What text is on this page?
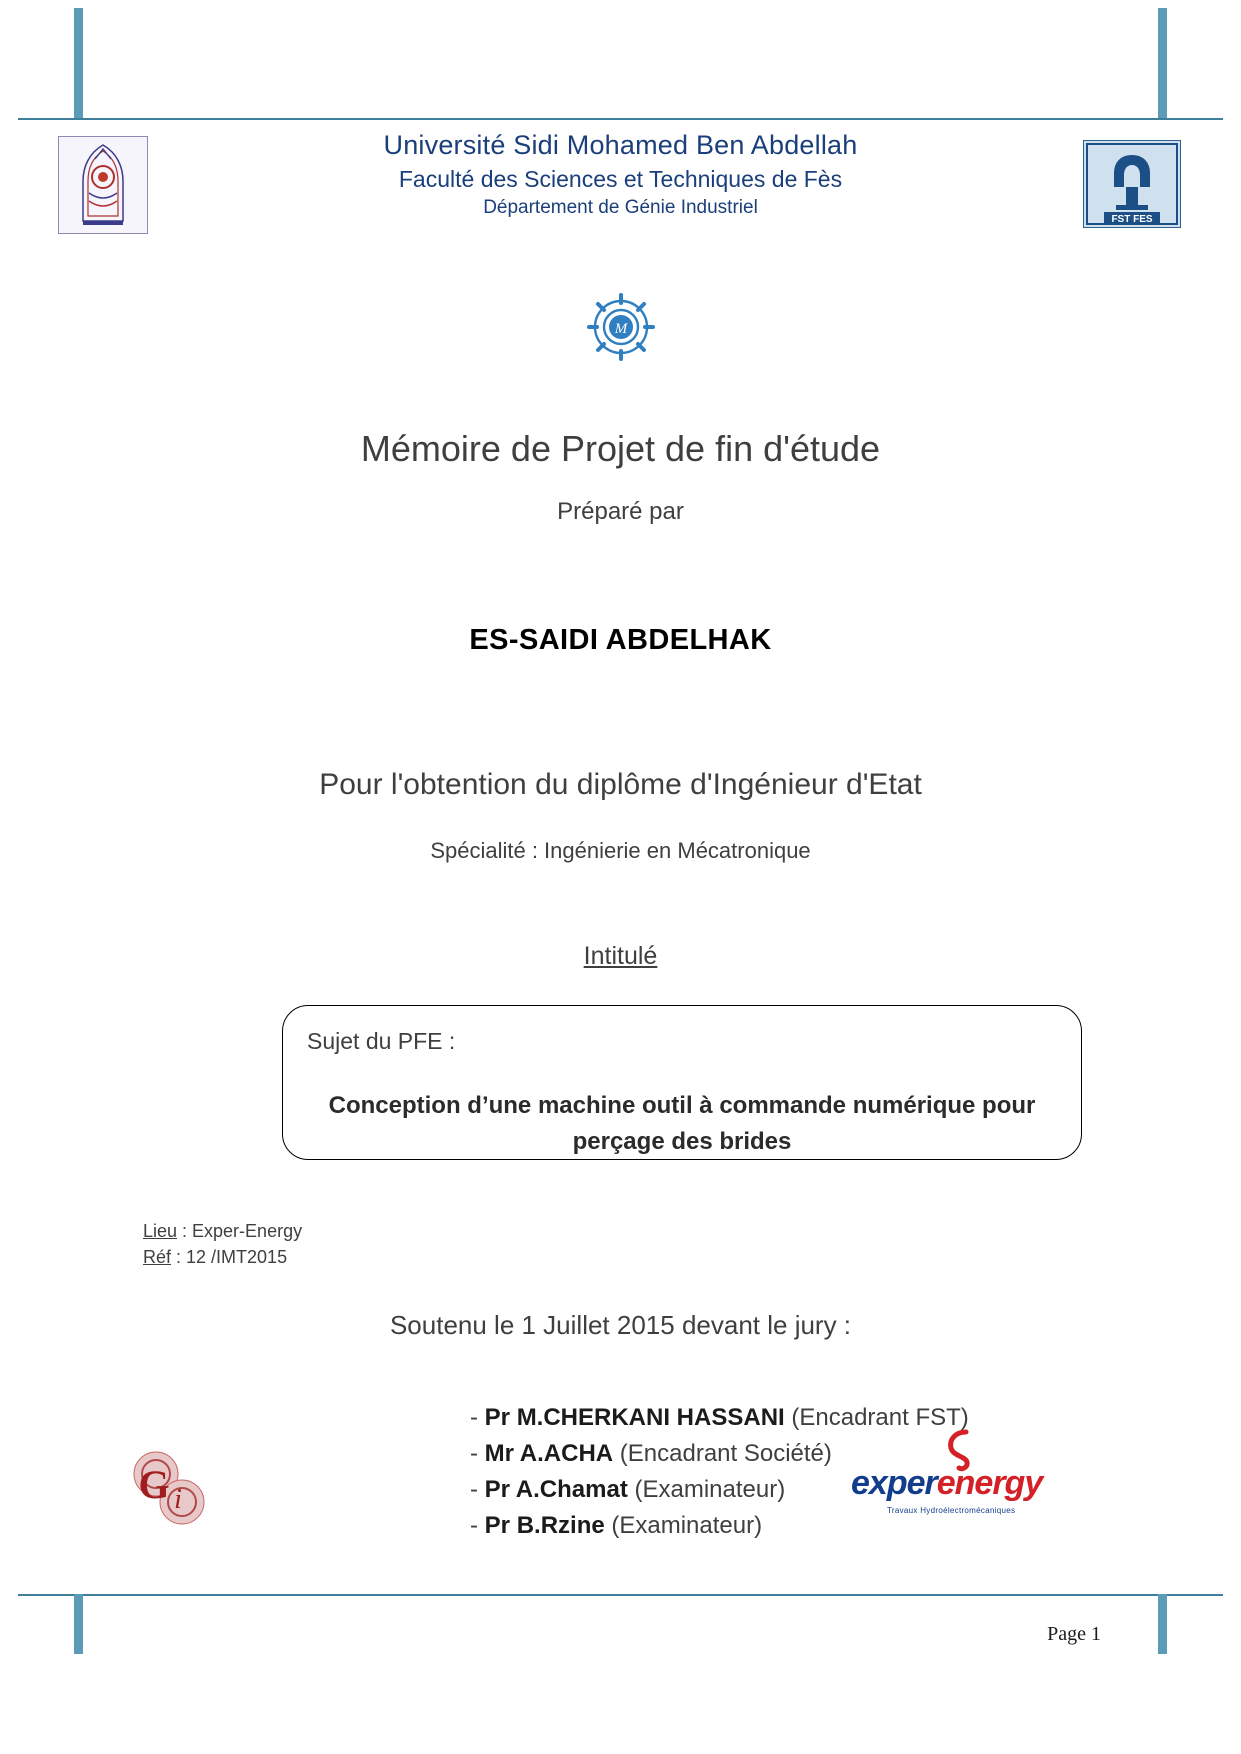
FST FES
Université Sidi Mohamed Ben Abdellah
Faculté des Sciences et Techniques de Fès
Département de Génie Industriel
M
Mémoire de Projet de fin d'étude
Préparé par
ES-SAIDI ABDELHAK
Pour l'obtention du diplôme d'Ingénieur d'Etat
Spécialité : Ingénierie en Mécatronique
Intitulé
Sujet du PFE :
Conception d’une machine outil à commande numérique pour perçage des brides
Lieu : Exper-Energy
Réf : 12 /IMT2015
Soutenu le 1 Juillet 2015 devant le jury :
- Pr M.CHERKANI HASSANI (Encadrant FST)
- Mr A.ACHA (Encadrant Société)
- Pr A.Chamat (Examinateur)
- Pr B.Rzine (Examinateur)
G i	experenergy
Travaux Hydroélectromécaniques
Page 1
